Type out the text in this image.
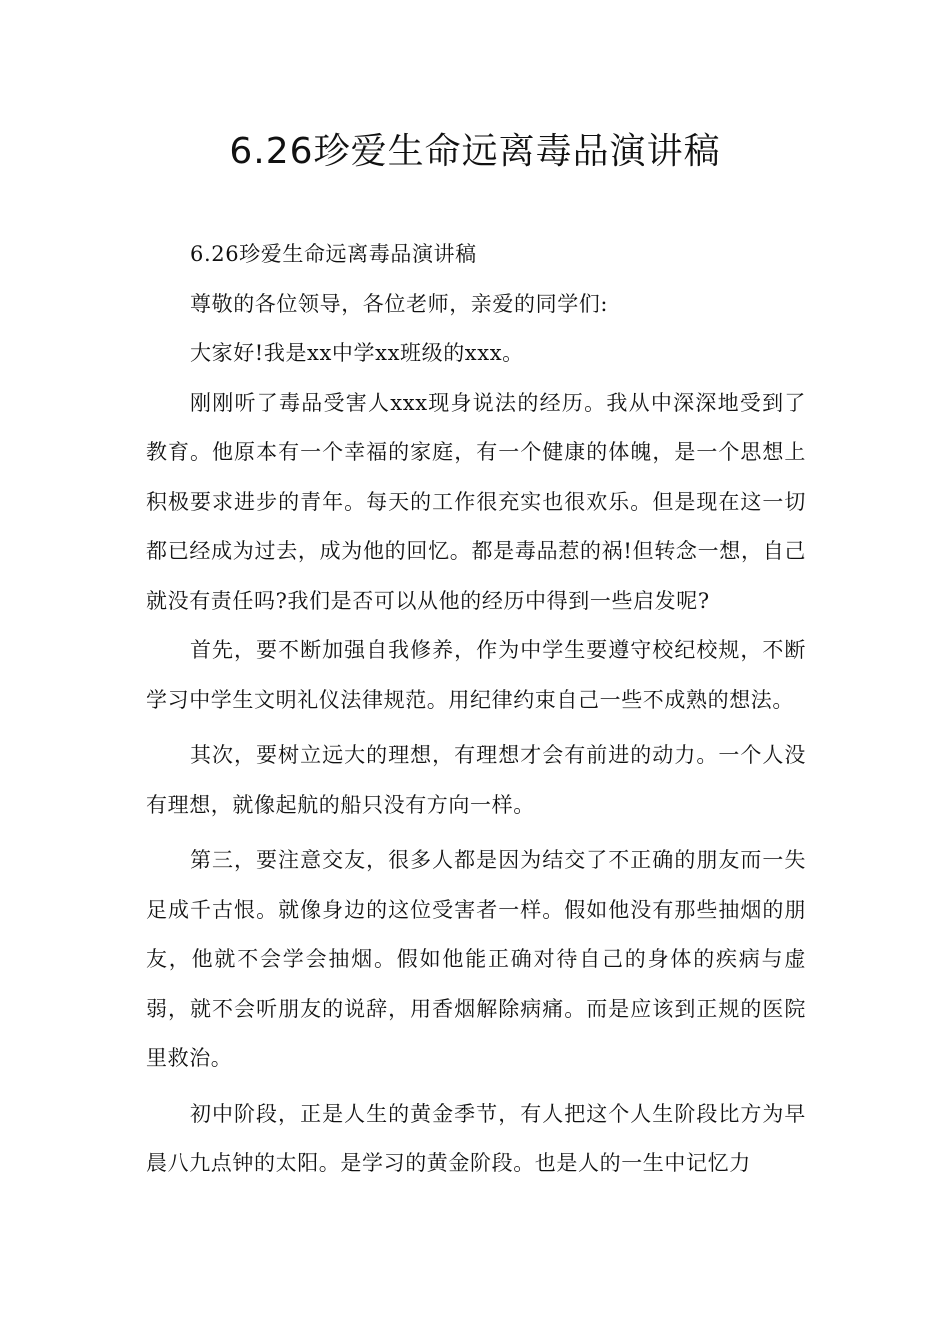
6.26珍爱生命远离毒品演讲稿

6.26珍爱生命远离毒品演讲稿

尊敬的各位领导，各位老师，亲爱的同学们:

大家好!我是xx中学xx班级的xxx。

刚刚听了毒品受害人xxx现身说法的经历。我从中深深地受到了教育。他原本有一个幸福的家庭，有一个健康的体魄，是一个思想上积极要求进步的青年。每天的工作很充实也很欢乐。但是现在这一切都已经成为过去，成为他的回忆。都是毒品惹的祸!但转念一想，自己就没有责任吗?我们是否可以从他的经历中得到一些启发呢?

首先，要不断加强自我修养，作为中学生要遵守校纪校规，不断学习中学生文明礼仪法律规范。用纪律约束自己一些不成熟的想法。

其次，要树立远大的理想，有理想才会有前进的动力。一个人没有理想，就像起航的船只没有方向一样。

第三，要注意交友，很多人都是因为结交了不正确的朋友而一失足成千古恨。就像身边的这位受害者一样。假如他没有那些抽烟的朋友，他就不会学会抽烟。假如他能正确对待自己的身体的疾病与虚弱，就不会听朋友的说辞，用香烟解除病痛。而是应该到正规的医院里救治。

初中阶段，正是人生的黄金季节，有人把这个人生阶段比方为早晨八九点钟的太阳。是学习的黄金阶段。也是人的一生中记忆力
